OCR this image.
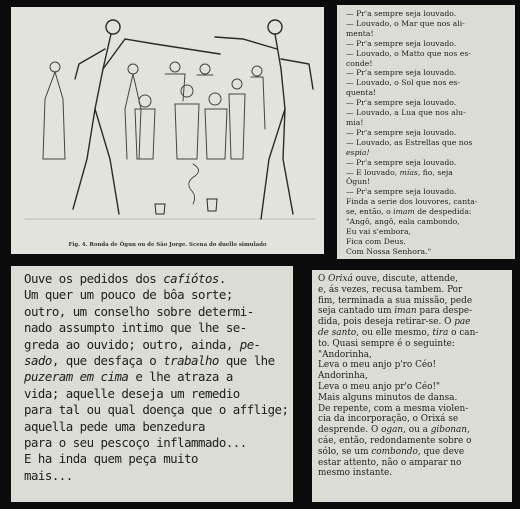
Fig. 4. Ronda de Ôgun ou de São Jorge. Scena do duello simulado
— Pr'a sempre seja louvado.
— Louvado, o Mar que nos ali-
menta!
— Pr'a sempre seja louvado.
— Louvado, o Matto que nos es-
conde!
— Pr'a sempre seja louvado.
— Louvado, o Sol que nos es-
quenta!
— Pr'a sempre seja louvado.
— Louvado, a Lua que nos alu-
mia!
— Pr'a sempre seja louvado.
— Louvado, as Estrellas que nos
espia!
— Pr'a sempre seja louvado.
— E louvado, mías, fio, seja
Ôgun!
— Pr'a sempre seja louvado.
Finda a serie dos louvores, canta-
se, então, o imam de despedida:
"Angô, angô, eala cambondo,
Eu vai s'embora,
Fica com Deus.
Com Nossa Senhora."
Ouve os pedidos dos cafiótos.
Um quer um pouco de bôa sorte;
outro, um conselho sobre determi-
nado assumpto intimo que lhe se-
greda ao ouvido; outro, ainda, pe-
sado, que desfaça o trabalho que lhe
puzeram em cima e lhe atraza a
vida; aquelle deseja um remedio
para tal ou qual doença que o afflige;
aquella pede uma benzedura
para o seu pescoço inflammado...
E ha inda quem peça muito
mais...
O Orixá ouve, discute, attende,
e, ás vezes, recusa tambem. Por
fim, terminada a sua missão, pede
seja cantado um iman para despe-
dida, pois deseja retirar-se. O pae
de santo, ou elle mesmo, tira o can-
to. Quasi sempre é o seguinte:
"Andorinha,
Leva o meu anjo p'ro Céo!
Andorinha,
Leva o meu anjo pr'o Céo!"
Mais alguns minutos de dansa.
De repente, com a mesma violen-
cia da incorporação, o Orixá se
desprende. O ogan, ou a gibonan,
cáe, então, redondamente sobre o
sólo, se um combondo, que deve
estar attento, não o amparar no
mesmo instante.
